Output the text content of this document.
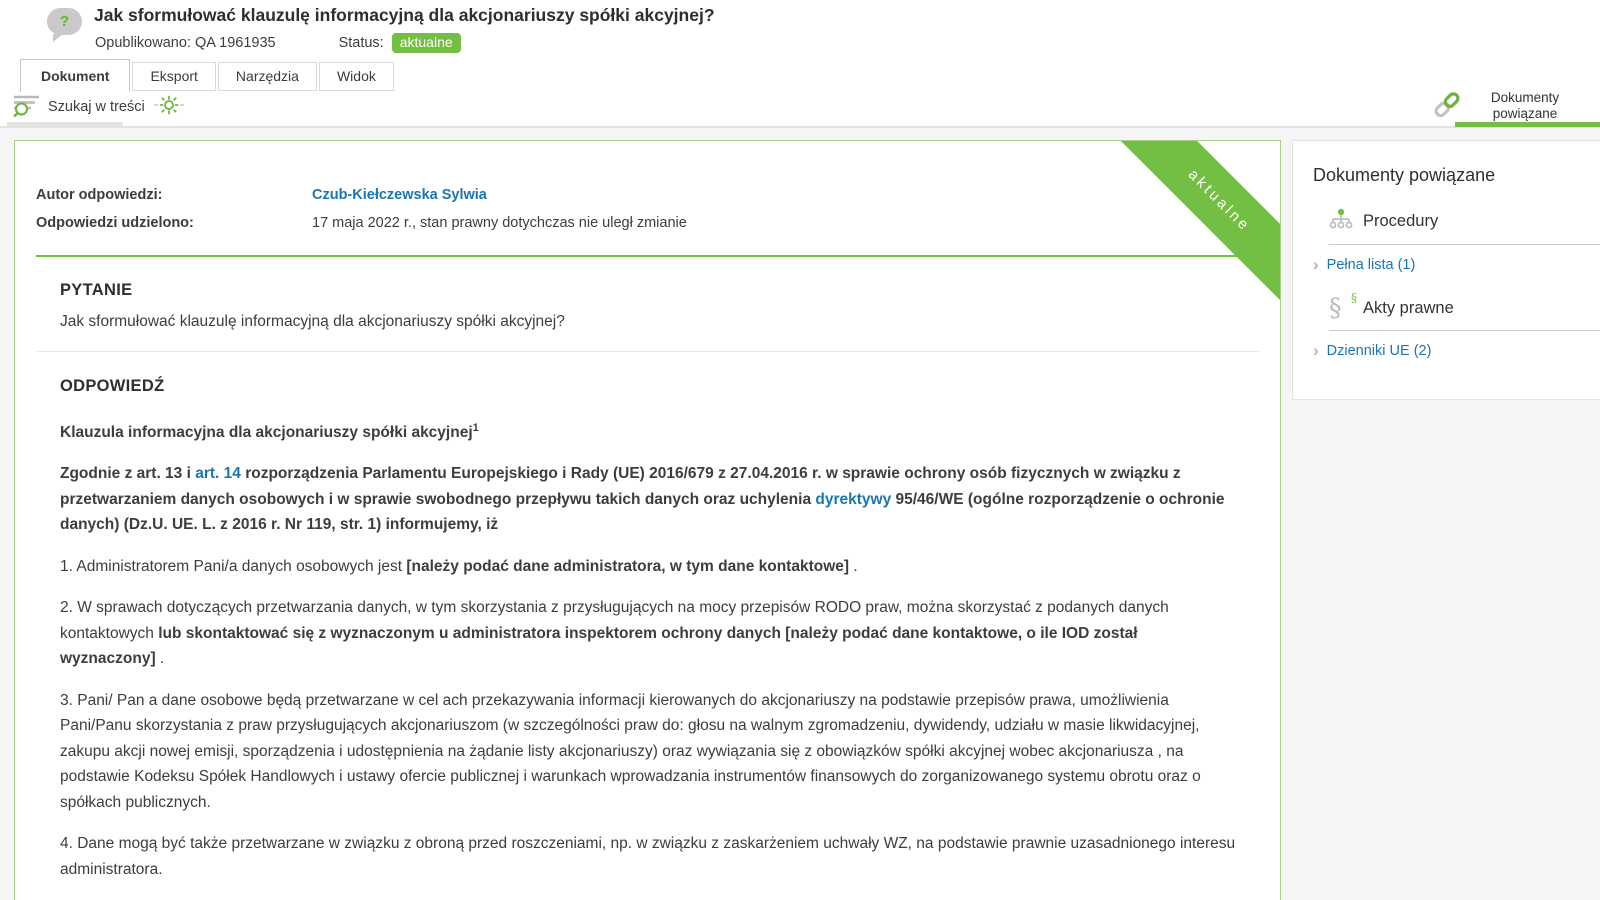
?	Jak sformułować klauzulę informacyjną dla akcjonariuszy spółki akcyjnej?
Opublikowano: QA 1961935	Status:	aktualne
Dokument	Eksport	Narzędzia	Widok
Szukaj w treści
Dokumenty powiązane
aktualne
Autor odpowiedzi:	Czub-Kiełczewska Sylwia
Odpowiedzi udzielono:	17 maja 2022 r., stan prawny dotychczas nie uległ zmianie
PYTANIE
Jak sformułować klauzulę informacyjną dla akcjonariuszy spółki akcyjnej?
ODPOWIEDŹ

Klauzula informacyjna dla akcjonariuszy spółki akcyjnej$^1$

Zgodnie z art. 13 i art. 14 rozporządzenia Parlamentu Europejskiego i Rady (UE) 2016/679 z 27.04.2016 r. w sprawie ochrony osób fizycznych w związku z przetwarzaniem danych osobowych i w sprawie swobodnego przepływu takich danych oraz uchylenia dyrektywy 95/46/WE (ogólne rozporządzenie o ochronie danych) (Dz.U. UE. L. z 2016 r. Nr 119, str. 1) informujemy, iż

1. Administratorem Pani/a danych osobowych jest [należy podać dane administratora, w tym dane kontaktowe] .

2. W sprawach dotyczących przetwarzania danych, w tym skorzystania z przysługujących na mocy przepisów RODO praw, można skorzystać z podanych danych kontaktowych lub skontaktować się z wyznaczonym u administratora inspektorem ochrony danych [należy podać dane kontaktowe, o ile IOD został wyznaczony] .

3. Pani/ Pan a dane osobowe będą przetwarzane w cel ach przekazywania informacji kierowanych do akcjonariuszy na podstawie przepisów prawa, umożliwienia Pani/Panu skorzystania z praw przysługujących akcjonariuszom (w szczególności praw do: głosu na walnym zgromadzeniu, dywidendy, udziału w masie likwidacyjnej, zakupu akcji nowej emisji, sporządzenia i udostępnienia na żądanie listy akcjonariuszy) oraz wywiązania się z obowiązków spółki akcyjnej wobec akcjonariusza , na podstawie Kodeksu Spółek Handlowych i ustawy ofercie publicznej i warunkach wprowadzania instrumentów finansowych do zorganizowanego systemu obrotu oraz o spółkach publicznych.

4. Dane mogą być także przetwarzane w związku z obroną przed roszczeniami, np. w związku z zaskarżeniem uchwały WZ, na podstawie prawnie uzasadnionego interesu administratora.

Dokumenty powiązane
Procedury
› Pełna lista (1)
§ §
Akty prawne
› Dzienniki UE (2)
